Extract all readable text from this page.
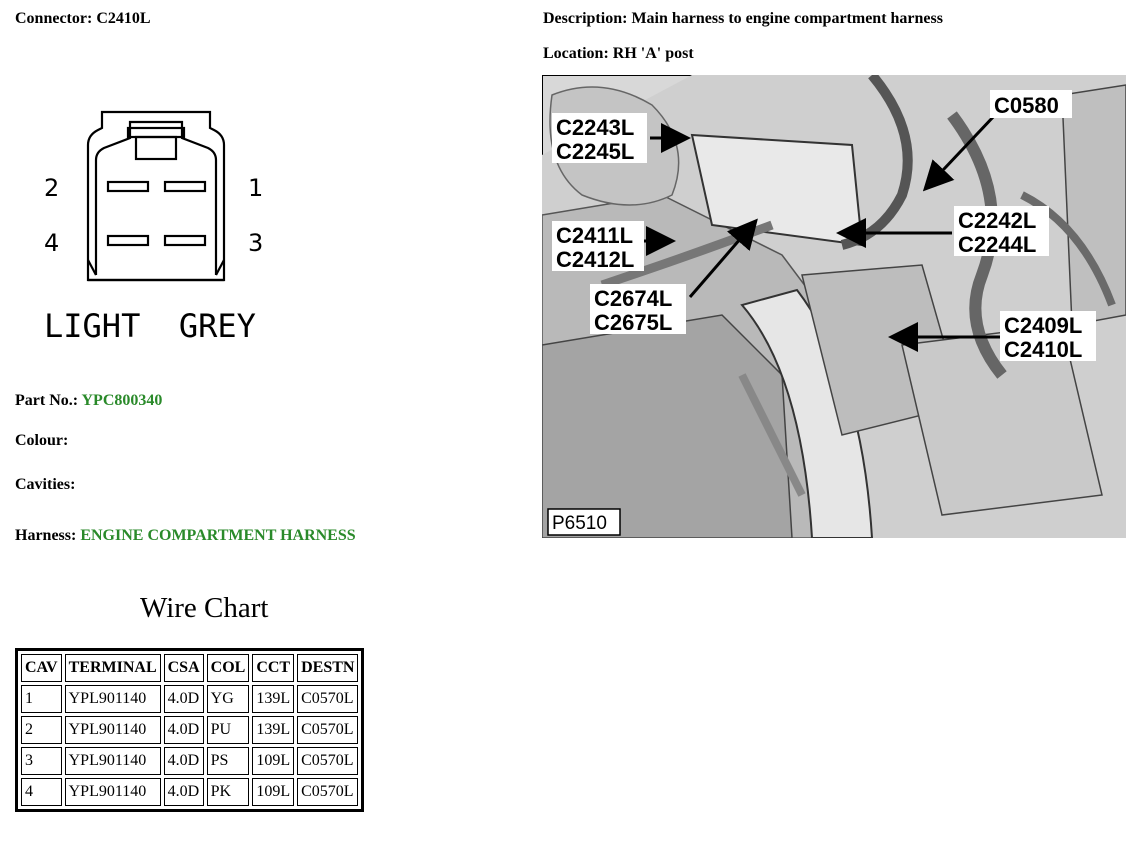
Connector: C2410L	Description: Main harness to engine compartment harness
Location: RH 'A' post
2	1
4	3
LIGHT  GREY
Part No.: YPC800340
Colour:
Cavities:
Harness: ENGINE COMPARTMENT HARNESS
Wire Chart
CAV	TERMINAL	CSA	COL	CCT	DESTN
1	YPL901140	4.0D	YG	139L	C0570L
2	YPL901140	4.0D	PU	139L	C0570L
3	YPL901140	4.0D	PS	109L	C0570L
4	YPL901140	4.0D	PK	109L	C0570L
C2243L
C2245L
C0580
C2411L
C2412L
C2242L
C2244L
C2674L
C2675L	C2409L
C2410L
P6510
